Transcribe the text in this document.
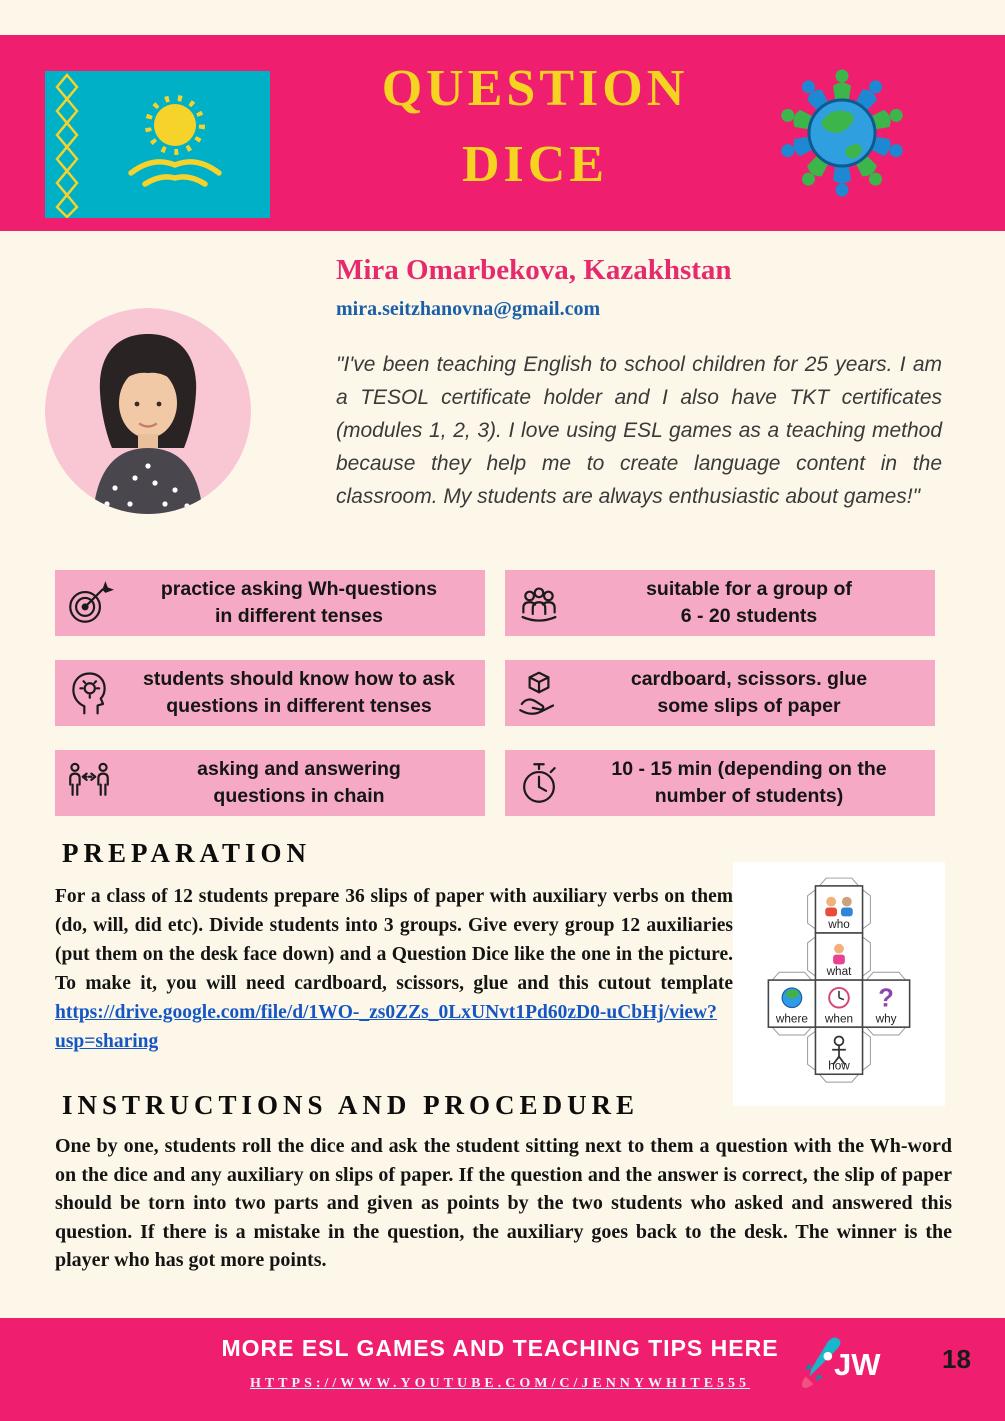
QUESTION
DICE
Mira Omarbekova, Kazakhstan
mira.seitzhanovna@gmail.com

"I've been teaching English to school children for 25 years. I am a TESOL certificate holder and I also have TKT certificates (modules 1, 2, 3). I love using ESL games as a teaching method because they help me to create language content in the classroom. My students are always enthusiastic about games!"

practice asking Wh-questions
in different tenses
suitable for a group of
6 - 20 students
students should know how to ask
questions in different tenses
cardboard, scissors. glue
some slips of paper
asking and answering
questions in chain
10 - 15 min (depending on the
number of students)
PREPARATION

For a class of 12 students prepare 36 slips of paper with auxiliary verbs on them (do, will, did etc). Divide students into 3 groups. Give every group 12 auxiliaries (put them on the desk face down) and a Question Dice like the one in the picture. To make it, you will need cardboard, scissors, glue and this cutout template https://drive.google.com/file/d/1WO-_zs0ZZs_0LxUNvt1Pd60zD0-uCbHj/view?usp=sharing

?
who
what
where when why
how
INSTRUCTIONS AND PROCEDURE

One by one, students roll the dice and ask the student sitting next to them a question with the Wh-word on the dice and any auxiliary on slips of paper. If the question and the answer is correct, the slip of paper should be torn into two parts and given as points by the two students who asked and answered this question. If there is a mistake in the question, the auxiliary goes back to the desk. The winner is the player who has got more points.

MORE ESL GAMES AND TEACHING TIPS HERE
HTTPS://WWW.YOUTUBE.COM/C/JENNYWHITE555
JW 18
